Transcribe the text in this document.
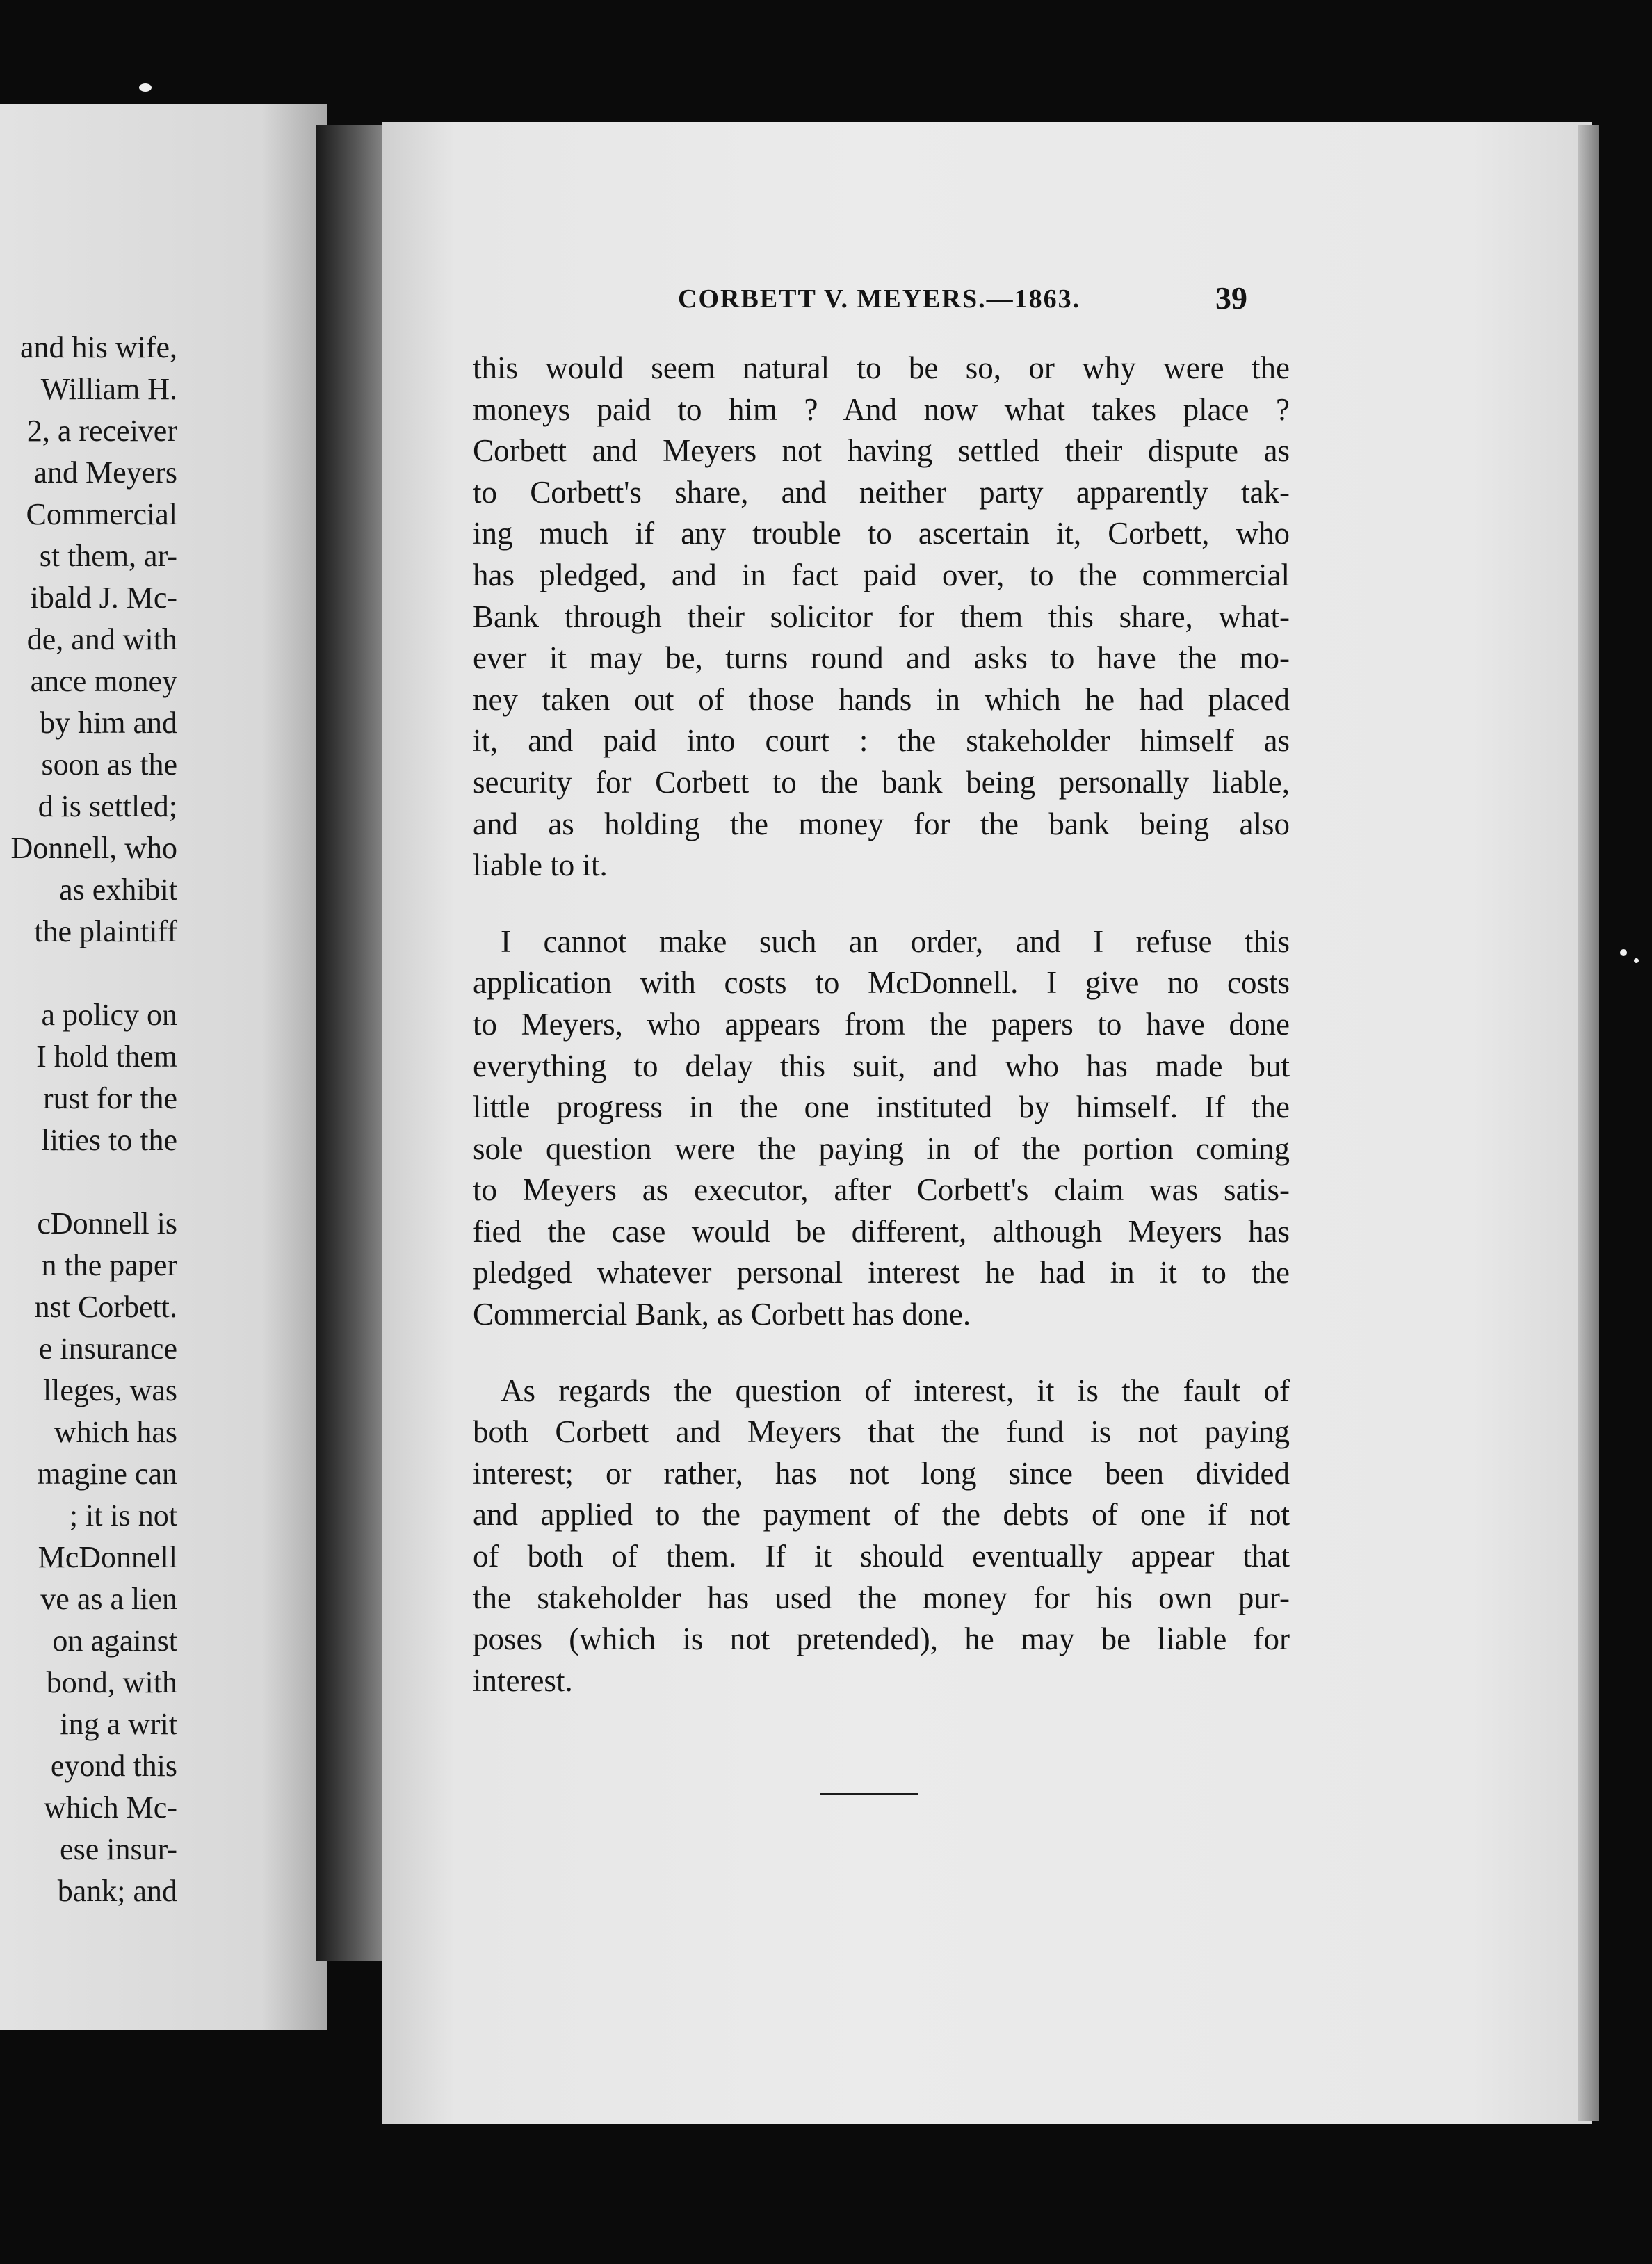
and his wife,
William H.
2, a receiver
and Meyers
Commercial
st them, ar-
ibald J. Mc-
de, and with
ance money
by him and
soon as the
d is settled;
Donnell, who
as exhibit
the plaintiff
a policy on
I hold them
rust for the
lities to the
cDonnell is
n the paper
nst Corbett.
e insurance
lleges, was
which has
magine can
; it is not
McDonnell
ve as a lien
on against
bond, with
ing a writ
eyond this
which Mc-
ese insur-
bank; and
CORBETT V. MEYERS.—1863.	39
this would seem natural to be so, or why were the
moneys paid to him ? And now what takes place ?
Corbett and Meyers not having settled their dispute as
to Corbett's share, and neither party apparently tak-
ing much if any trouble to ascertain it, Corbett, who
has pledged, and in fact paid over, to the commercial
Bank through their solicitor for them this share, what-
ever it may be, turns round and asks to have the mo-
ney taken out of those hands in which he had placed
it, and paid into court : the stakeholder himself as
security for Corbett to the bank being personally liable,
and as holding the money for the bank being also
liable to it.
I cannot make such an order, and I refuse this
application with costs to McDonnell. I give no costs
to Meyers, who appears from the papers to have done
everything to delay this suit, and who has made but
little progress in the one instituted by himself. If the
sole question were the paying in of the portion coming
to Meyers as executor, after Corbett's claim was satis-
fied the case would be different, although Meyers has
pledged whatever personal interest he had in it to the
Commercial Bank, as Corbett has done.
As regards the question of interest, it is the fault of
both Corbett and Meyers that the fund is not paying
interest; or rather, has not long since been divided
and applied to the payment of the debts of one if not
of both of them. If it should eventually appear that
the stakeholder has used the money for his own pur-
poses (which is not pretended), he may be liable for
interest.
